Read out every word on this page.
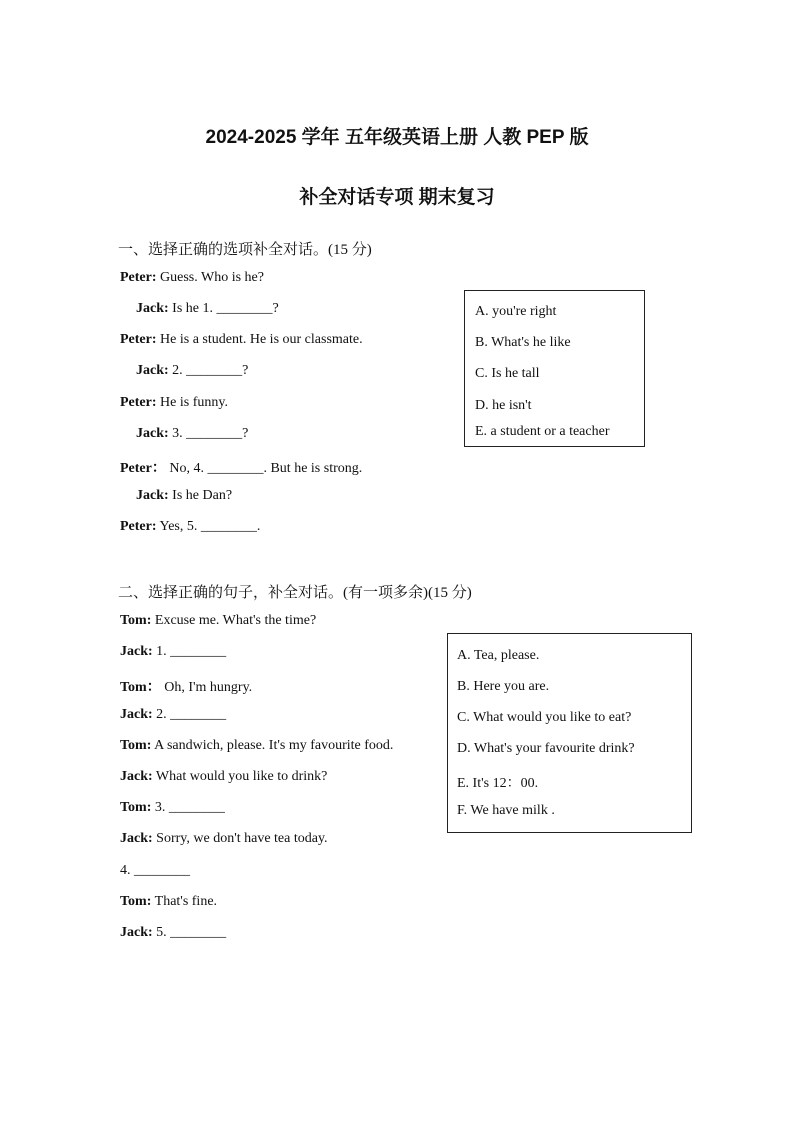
2024-2025 学年 五年级英语上册 人教 PEP 版
补全对话专项 期末复习
一、选择正确的选项补全对话。(15 分)
Peter: Guess. Who is he?
Jack: Is he 1. ________?
Peter: He is a student. He is our classmate.
Jack: 2. ________?
Peter: He is funny.
Jack: 3. ________?
Peter： No, 4. ________. But he is strong.
Jack: Is he Dan?
Peter: Yes, 5. ________.
A. you're right
B. What's he like
C. Is he tall
D. he isn't
E. a student or a teacher
二、选择正确的句子，补全对话。(有一项多余)(15 分)
Tom: Excuse me. What's the time?
Jack: 1. ________
Tom： Oh, I'm hungry.
Jack: 2. ________
Tom: A sandwich, please. It's my favourite food.
Jack: What would you like to drink?
Tom: 3. ________
Jack: Sorry, we don't have tea today.
4. ________
Tom: That's fine.
Jack: 5. ________
A. Tea, please.
B. Here you are.
C. What would you like to eat?
D. What's your favourite drink?
E. It's 12：00.
F. We have milk .
